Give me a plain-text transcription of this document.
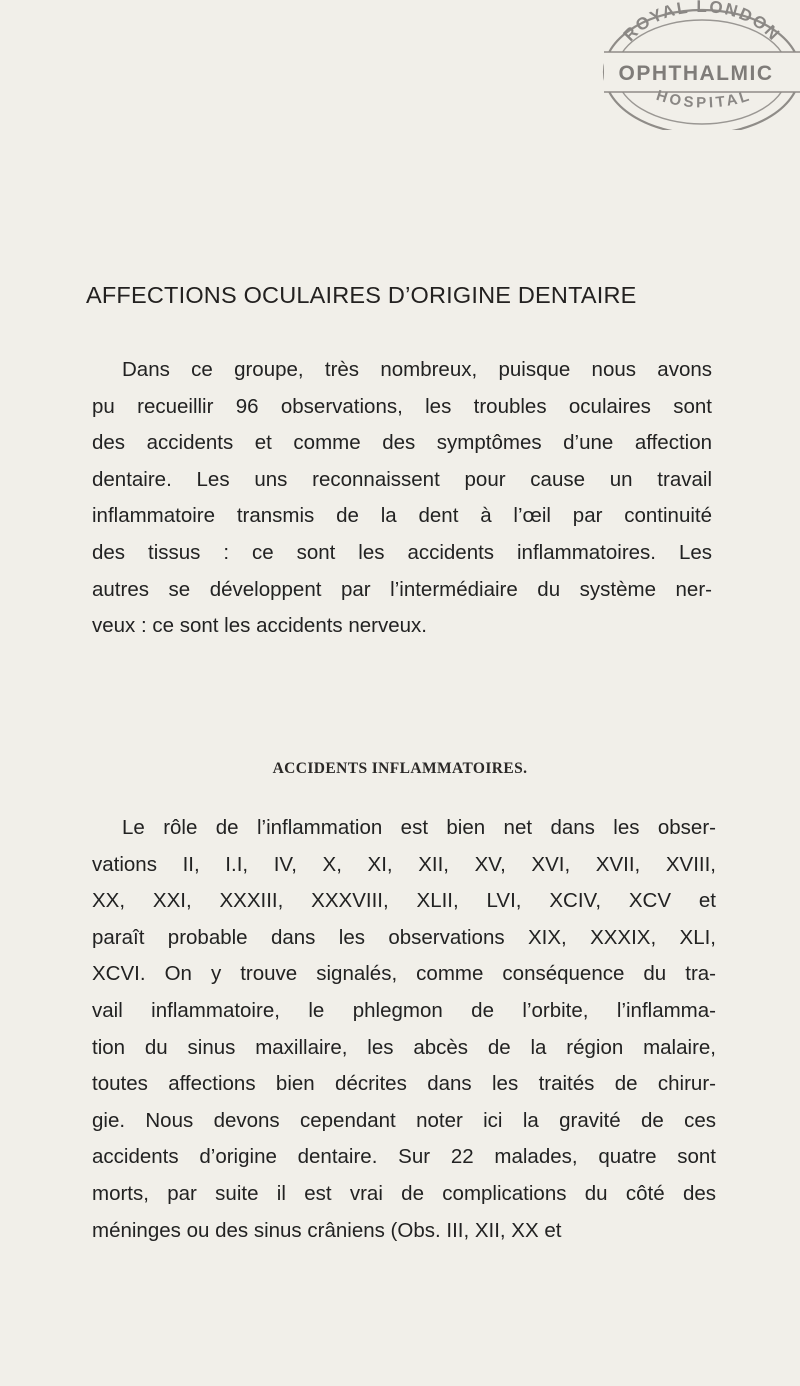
ROYAL LONDON
OPHTHALMIC
HOSPITAL
AFFECTIONS OCULAIRES D’ORIGINE DENTAIRE
Dans ce groupe, très nombreux, puisque nous avons
pu recueillir 96 observations, les troubles oculaires sont
des accidents et comme des symptômes d’une affection
dentaire. Les uns reconnaissent pour cause un travail
inflammatoire transmis de la dent à l’œil par continuité
des tissus : ce sont les accidents inflammatoires. Les
autres se développent par l’intermédiaire du système ner-
veux : ce sont les accidents nerveux.
ACCIDENTS INFLAMMATOIRES.
Le rôle de l’inflammation est bien net dans les obser-
vations II, I.I, IV, X, XI, XII, XV, XVI, XVII, XVIII,
XX, XXI, XXXIII, XXXVIII, XLII, LVI, XCIV, XCV et
paraît probable dans les observations XIX, XXXIX, XLI,
XCVI. On y trouve signalés, comme conséquence du tra-
vail inflammatoire, le phlegmon de l’orbite, l’inflamma-
tion du sinus maxillaire, les abcès de la région malaire,
toutes affections bien décrites dans les traités de chirur-
gie. Nous devons cependant noter ici la gravité de ces
accidents d’origine dentaire. Sur 22 malades, quatre sont
morts, par suite il est vrai de complications du côté des
méninges ou des sinus crâniens (Obs. III, XII, XX et
